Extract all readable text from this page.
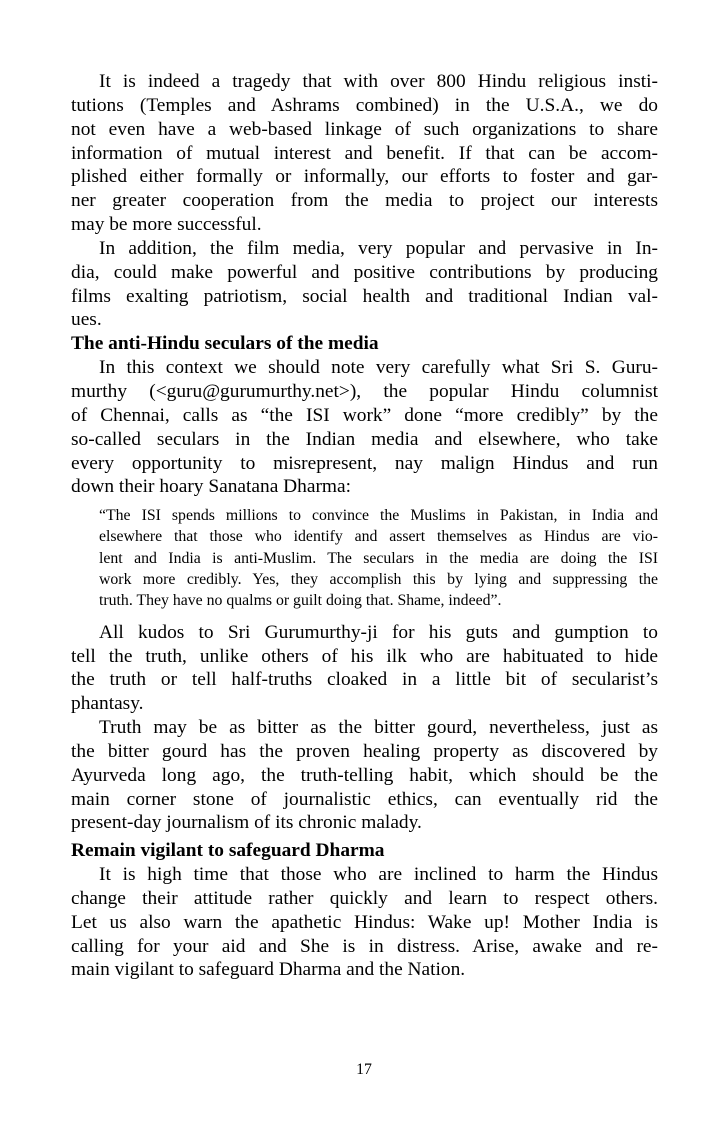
It is indeed a tragedy that with over 800 Hindu religious insti-
tutions (Temples and Ashrams combined) in the U.S.A., we do
not even have a web-based linkage of such organizations to share
information of mutual interest and benefit. If that can be accom-
plished either formally or informally, our efforts to foster and gar-
ner greater cooperation from the media to project our interests
may be more successful.
In addition, the film media, very popular and pervasive in In-
dia, could make powerful and positive contributions by producing
films exalting patriotism, social health and traditional Indian val-
ues.
The anti-Hindu seculars of the media
In this context we should note very carefully what Sri S. Guru-
murthy (<guru@gurumurthy.net>), the popular Hindu columnist
of Chennai, calls as “the ISI work” done “more credibly” by the
so-called seculars in the Indian media and elsewhere, who take
every opportunity to misrepresent, nay malign Hindus and run
down their hoary Sanatana Dharma:
“The ISI spends millions to convince the Muslims in Pakistan, in India and
elsewhere that those who identify and assert themselves as Hindus are vio-
lent and India is anti-Muslim. The seculars in the media are doing the ISI
work more credibly. Yes, they accomplish this by lying and suppressing the
truth. They have no qualms or guilt doing that. Shame, indeed”.
All kudos to Sri Gurumurthy-ji for his guts and gumption to
tell the truth, unlike others of his ilk who are habituated to hide
the truth or tell half-truths cloaked in a little bit of secularist’s
phantasy.
Truth may be as bitter as the bitter gourd, nevertheless, just as
the bitter gourd has the proven healing property as discovered by
Ayurveda long ago, the truth-telling habit, which should be the
main corner stone of journalistic ethics, can eventually rid the
present-day journalism of its chronic malady.
Remain vigilant to safeguard Dharma
It is high time that those who are inclined to harm the Hindus
change their attitude rather quickly and learn to respect others.
Let us also warn the apathetic Hindus: Wake up! Mother India is
calling for your aid and She is in distress. Arise, awake and re-
main vigilant to safeguard Dharma and the Nation.
17
